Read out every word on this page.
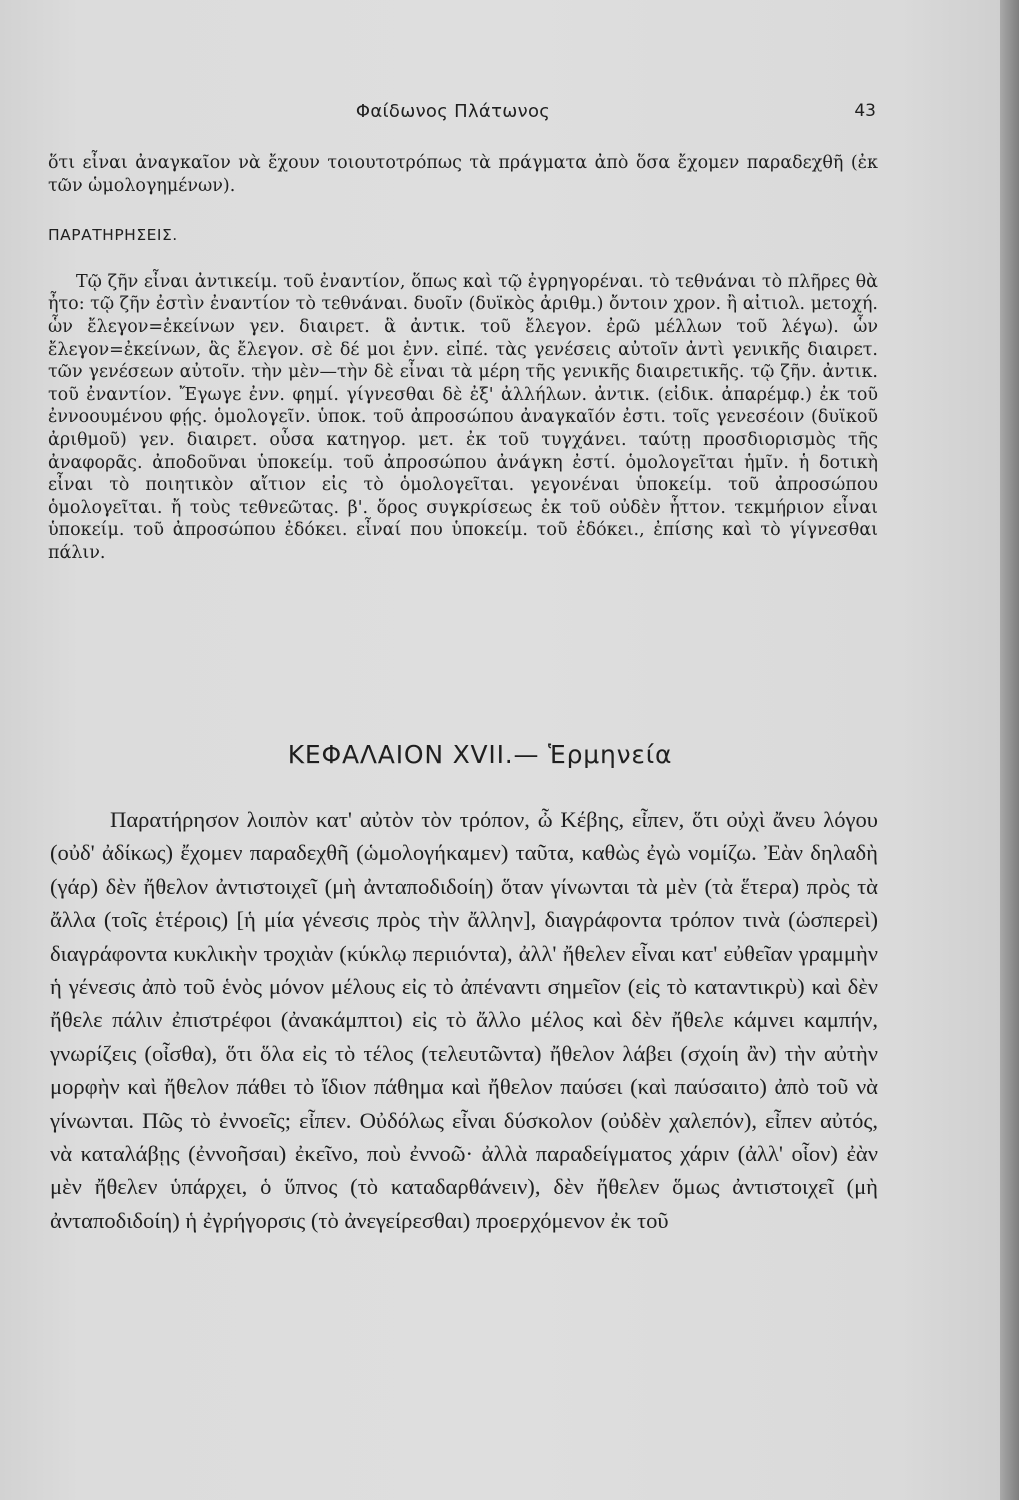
Φαίδωνος Πλάτωνος	43

ὅτι εἶναι ἀναγκαῖον νὰ ἔχουν τοιουτοτρόπως τὰ πράγματα ἀπὸ ὅσα ἔχομεν παραδεχθῆ (ἐκ τῶν ὡμολογημένων).

ΠΑΡΑΤΗΡΗΣΕΙΣ.

Τῷ ζῆν εἶναι ἀντικείμ. τοῦ ἐναντίον, ὅπως καὶ τῷ ἐγρηγορέναι. τὸ τεθνάναι τὸ πλῆρες θὰ ἦτο: τῷ ζῆν ἐστὶν ἐναντίον τὸ τεθνάναι. δυοῖν (δυϊκὸς ἀριθμ.) ὄντοιν χρον. ἢ αἰτιολ. μετοχή. ὧν ἔλεγον=ἐκείνων γεν. διαιρετ. ἃ ἀντικ. τοῦ ἔλεγον. ἐρῶ μέλλων τοῦ λέγω). ὧν ἔλεγον=ἐκείνων, ἃς ἔλεγον. σὲ δέ μοι ἐνν. εἰπέ. τὰς γενέσεις αὐτοῖν ἀντὶ γενικῆς διαιρετ. τῶν γενέσεων αὐτοῖν. τὴν μὲν—τὴν δὲ εἶναι τὰ μέρη τῆς γενικῆς διαιρετικῆς. τῷ ζῆν. ἀντικ. τοῦ ἐναντίον. Ἔγωγε ἐνν. φημί. γίγνεσθαι δὲ ἐξ' ἀλλήλων. ἀντικ. (εἰδικ. ἀπαρέμφ.) ἐκ τοῦ ἐννοουμένου φῄς. ὁμολογεῖν. ὑποκ. τοῦ ἀπροσώπου ἀναγκαῖόν ἐστι. τοῖς γενεσέοιν (δυϊκοῦ ἀριθμοῦ) γεν. διαιρετ. οὖσα κατηγορ. μετ. ἐκ τοῦ τυγχάνει. ταύτῃ προσδιορισμὸς τῆς ἀναφορᾶς. ἀποδοῦναι ὑποκείμ. τοῦ ἀπροσώπου ἀνάγκη ἐστί. ὁμολογεῖται ἡμῖν. ἡ δοτικὴ εἶναι τὸ ποιητικὸν αἴτιον εἰς τὸ ὁμολογεῖται. γεγονέναι ὑποκείμ. τοῦ ἀπροσώπου ὁμολογεῖται. ἤ τοὺς τεθνεῶτας. β'. ὅρος συγκρίσεως ἐκ τοῦ οὐδὲν ἧττον. τεκμήριον εἶναι ὑποκείμ. τοῦ ἀπροσώπου ἐδόκει. εἶναί που ὑποκείμ. τοῦ ἐδόκει., ἐπίσης καὶ τὸ γίγνεσθαι πάλιν.

ΚΕΦΑΛΑΙΟΝ XVII.— Ἑρμηνεία

Παρατήρησον λοιπὸν κατ' αὐτὸν τὸν τρόπον, ὦ Κέβης, εἶπεν, ὅτι οὐχὶ ἄνευ λόγου (οὐδ' ἀδίκως) ἔχομεν παραδεχθῆ (ὡμολογήκαμεν) ταῦτα, καθὼς ἐγὼ νομίζω. Ἐὰν δηλαδὴ (γάρ) δὲν ἤθελον ἀντιστοιχεῖ (μὴ ἀνταποδιδοίη) ὅταν γίνωνται τὰ μὲν (τὰ ἕτερα) πρὸς τὰ ἄλλα (τοῖς ἑτέροις) [ἡ μία γένεσις πρὸς τὴν ἄλλην], διαγράφοντα τρόπον τινὰ (ὡσπερεὶ) διαγράφοντα κυκλικὴν τροχιὰν (κύκλῳ περιιόντα), ἀλλ' ἤθελεν εἶναι κατ' εὐθεῖαν γραμμὴν ἡ γένεσις ἀπὸ τοῦ ἑνὸς μόνον μέλους εἰς τὸ ἀπέναντι σημεῖον (εἰς τὸ καταντικρὺ) καὶ δὲν ἤθελε πάλιν ἐπιστρέφοι (ἀνακάμπτοι) εἰς τὸ ἄλλο μέλος καὶ δὲν ἤθελε κάμνει καμπήν, γνωρίζεις (οἶσθα), ὅτι ὅλα εἰς τὸ τέλος (τελευτῶντα) ἤθελον λάβει (σχοίη ἂν) τὴν αὐτὴν μορφὴν καὶ ἤθελον πάθει τὸ ἴδιον πάθημα καὶ ἤθελον παύσει (καὶ παύσαιτο) ἀπὸ τοῦ νὰ γίνωνται. Πῶς τὸ ἐννοεῖς; εἶπεν. Οὐδόλως εἶναι δύσκολον (οὐδὲν χαλεπόν), εἶπεν αὐτός, νὰ καταλάβῃς (ἐννοῆσαι) ἐκεῖνο, ποὺ ἐννοῶ· ἀλλὰ παραδείγματος χάριν (ἀλλ' οἷον) ἐὰν μὲν ἤθελεν ὑπάρχει, ὁ ὕπνος (τὸ καταδαρθάνειν), δὲν ἤθελεν ὅμως ἀντιστοιχεῖ (μὴ ἀνταποδιδοίη) ἡ ἐγρήγορσις (τὸ ἀνεγείρεσθαι) προερχόμενον ἐκ τοῦ
